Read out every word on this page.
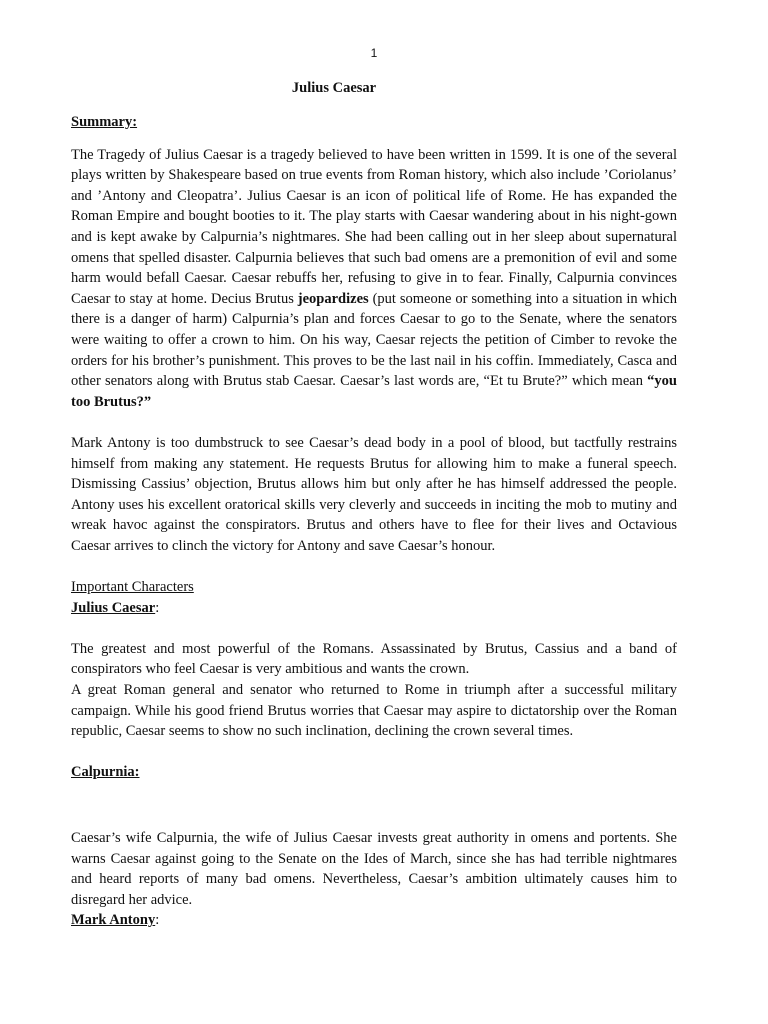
1
Julius Caesar
Summary:

The Tragedy of Julius Caesar is a tragedy believed to have been written in 1599. It is one of the several plays written by Shakespeare based on true events from Roman history, which also include ’Coriolanus’ and ’Antony and Cleopatra’. Julius Caesar is an icon of political life of Rome. He has expanded the Roman Empire and bought booties to it. The play starts with Caesar wandering about in his night-gown and is kept awake by Calpurnia’s nightmares. She had been calling out in her sleep about supernatural omens that spelled disaster. Calpurnia believes that such bad omens are a premonition of evil and some harm would befall Caesar. Caesar rebuffs her, refusing to give in to fear. Finally, Calpurnia convinces Caesar to stay at home. Decius Brutus jeopardizes (put someone or something into a situation in which there is a danger of harm) Calpurnia’s plan and forces Caesar to go to the Senate, where the senators were waiting to offer a crown to him. On his way, Caesar rejects the petition of Cimber to revoke the orders for his brother’s punishment. This proves to be the last nail in his coffin. Immediately, Casca and other senators along with Brutus stab Caesar. Caesar’s last words are, “Et tu Brute?” which mean “you too Brutus?”

Mark Antony is too dumbstruck to see Caesar’s dead body in a pool of blood, but tactfully restrains himself from making any statement. He requests Brutus for allowing him to make a funeral speech. Dismissing Cassius’ objection, Brutus allows him but only after he has himself addressed the people. Antony uses his excellent oratorical skills very cleverly and succeeds in inciting the mob to mutiny and wreak havoc against the conspirators. Brutus and others have to flee for their lives and Octavious Caesar arrives to clinch the victory for Antony and save Caesar’s honour.

Important Characters
Julius Caesar:

The greatest and most powerful of the Romans. Assassinated by Brutus, Cassius and a band of conspirators who feel Caesar is very ambitious and wants the crown.

A great Roman general and senator who returned to Rome in triumph after a successful military campaign. While his good friend Brutus worries that Caesar may aspire to dictatorship over the Roman republic, Caesar seems to show no such inclination, declining the crown several times.

Calpurnia:

Caesar’s wife Calpurnia, the wife of Julius Caesar invests great authority in omens and portents. She warns Caesar against going to the Senate on the Ides of March, since she has had terrible nightmares and heard reports of many bad omens. Nevertheless, Caesar’s ambition ultimately causes him to disregard her advice.

Mark Antony:
